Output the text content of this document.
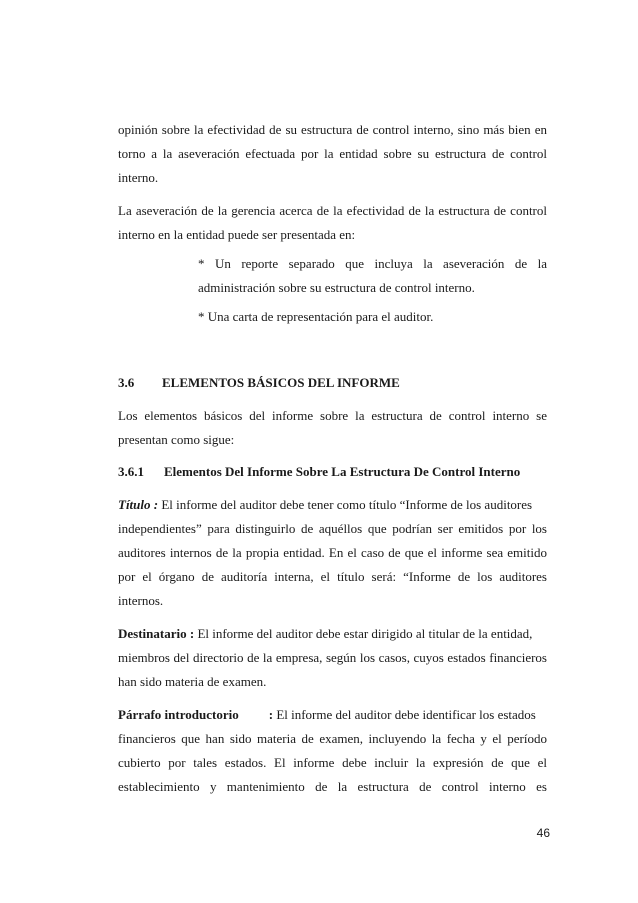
opinión sobre la efectividad de su estructura de control interno, sino más bien en
torno a la aseveración efectuada por la entidad sobre su estructura de control
interno.
La aseveración de la gerencia acerca de la efectividad de la estructura de control
interno en la entidad puede ser presentada en:
* Un reporte separado que incluya la aseveración de la
administración sobre su estructura de control interno.
* Una carta de representación para el auditor.
3.6 ELEMENTOS BÁSICOS DEL INFORME
Los elementos básicos del informe sobre la estructura de control interno se
presentan como sigue:
3.6.1 Elementos Del Informe Sobre La Estructura De Control Interno
Título : El informe del auditor debe tener como título “Informe de los auditores
independientes” para distinguirlo de aquéllos que podrían ser emitidos por los
auditores internos de la propia entidad. En el caso de que el informe sea emitido
por el órgano de auditoría interna, el título será: “Informe de los auditores
internos.
Destinatario : El informe del auditor debe estar dirigido al titular de la entidad,
miembros del directorio de la empresa, según los casos, cuyos estados financieros
han sido materia de examen.
Párrafo introductorio : El informe del auditor debe identificar los estados
financieros que han sido materia de examen, incluyendo la fecha y el período
cubierto por tales estados. El informe debe incluir la expresión de que el
establecimiento y mantenimiento de la estructura de control interno es
46
